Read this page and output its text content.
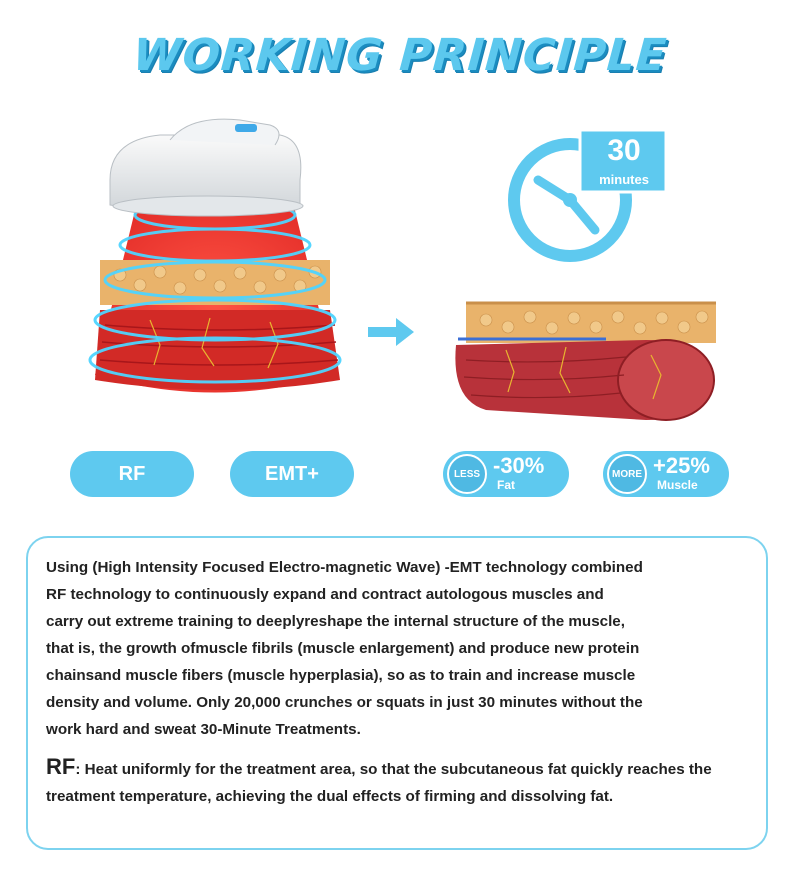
WORKING PRINCIPLE
30
minutes
RF	EMT+	LESS -30%
Fat
MORE +25%
Muscle

Using (High Intensity Focused Electro-magnetic Wave) -EMT technology combined
RF technology to continuously expand and contract autologous muscles and
carry out extreme training to deeplyreshape the internal structure of the muscle,
that is, the growth ofmuscle fibrils (muscle enlargement) and produce new protein
chainsand muscle fibers (muscle hyperplasia), so as to train and increase muscle
density and volume. Only 20,000 crunches or squats in just 30 minutes without the
work hard and sweat 30-Minute Treatments.

RF: Heat uniformly for the treatment area, so that the subcutaneous fat quickly reaches the treatment temperature, achieving the dual effects of firming and dissolving fat.
